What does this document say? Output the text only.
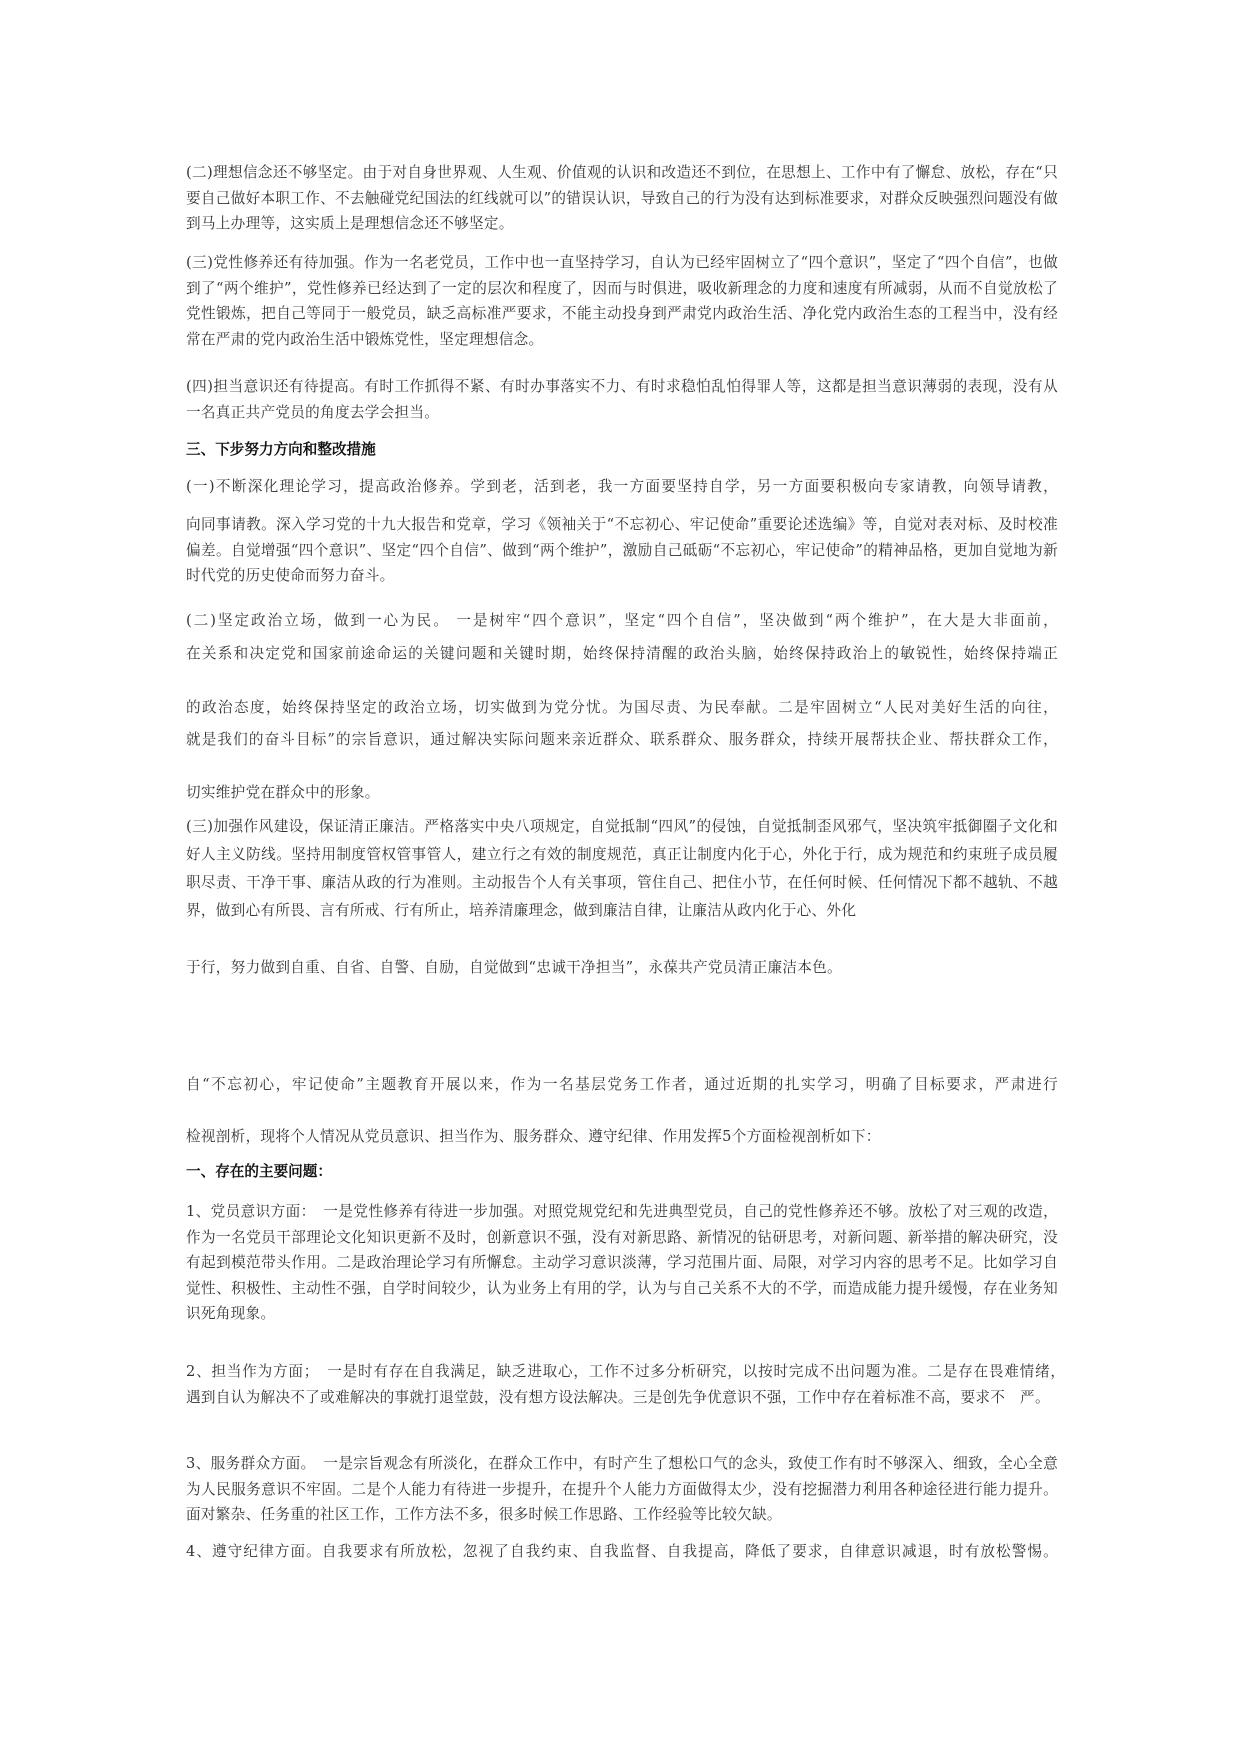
(二)理想信念还不够坚定。由于对自身世界观、人生观、价值观的认识和改造还不到位，在思想上、工作中有了懈怠、放松，存在“只要自己做好本职工作、不去触碰党纪国法的红线就可以”的错误认识，导致自己的行为没有达到标准要求，对群众反映强烈问题没有做到马上办理等，这实质上是理想信念还不够坚定。

(三)党性修养还有待加强。作为一名老党员，工作中也一直坚持学习，自认为已经牢固树立了“四个意识”，坚定了“四个自信”，也做到了“两个维护”，党性修养已经达到了一定的层次和程度了，因而与时俱进，吸收新理念的力度和速度有所减弱，从而不自觉放松了党性锻炼，把自己等同于一般党员，缺乏高标准严要求，不能主动投身到严肃党内政治生活、净化党内政治生态的工程当中，没有经常在严肃的党内政治生活中锻炼党性，坚定理想信念。

(四)担当意识还有待提高。有时工作抓得不紧、有时办事落实不力、有时求稳怕乱怕得罪人等，这都是担当意识薄弱的表现，没有从一名真正共产党员的角度去学会担当。

三、下步努力方向和整改措施

(一)不断深化理论学习，提高政治修养。学到老，活到老，我一方面要坚持自学，另一方面要积极向专家请教，向领导请教，

向同事请教。深入学习党的十九大报告和党章，学习《领袖关于“不忘初心、牢记使命”重要论述选编》等，自觉对表对标、及时校准偏差。自觉增强“四个意识”、坚定“四个自信”、做到“两个维护”，激励自己砥砺“不忘初心，牢记使命”的精神品格，更加自觉地为新时代党的历史使命而努力奋斗。

(二)坚定政治立场，做到一心为民。 一是树牢“四个意识”，坚定“四个自信”，坚决做到“两个维护”，在大是大非面前，

在关系和决定党和国家前途命运的关键问题和关键时期，始终保持清醒的政治头脑，始终保持政治上的敏锐性，始终保持端正

的政治态度，始终保持坚定的政治立场，切实做到为党分忧。为国尽责、为民奉献。二是牢固树立“人民对美好生活的向往，

就是我们的奋斗目标”的宗旨意识，通过解决实际问题来亲近群众、联系群众、服务群众，持续开展帮扶企业、帮扶群众工作，

切实维护党在群众中的形象。

(三)加强作风建设，保证清正廉洁。严格落实中央八项规定，自觉抵制“四风”的侵蚀，自觉抵制歪风邪气，坚决筑牢抵御圈子文化和好人主义防线。坚持用制度管权管事管人，建立行之有效的制度规范，真正让制度内化于心，外化于行，成为规范和约束班子成员履职尽责、干净干事、廉洁从政的行为准则。主动报告个人有关事项，管住自己、把住小节，在任何时候、任何情况下都不越轨、不越界，做到心有所畏、言有所戒、行有所止，培养清廉理念，做到廉洁自律，让廉洁从政内化于心、外化

于行，努力做到自重、自省、自警、自励，自觉做到“忠诚干净担当”，永葆共产党员清正廉洁本色。

自“不忘初心，牢记使命”主题教育开展以来，作为一名基层党务工作者，通过近期的扎实学习，明确了目标要求，严肃进行

检视剖析，现将个人情况从党员意识、担当作为、服务群众、遵守纪律、作用发挥5个方面检视剖析如下：

一、存在的主要问题：

1、党员意识方面：　一是党性修养有待进一步加强。对照党规党纪和先进典型党员，自己的党性修养还不够。放松了对三观的改造，作为一名党员干部理论文化知识更新不及时，创新意识不强，没有对新思路、新情况的钻研思考，对新问题、新举措的解决研究，没有起到模范带头作用。二是政治理论学习有所懈怠。主动学习意识淡薄，学习范围片面、局限，对学习内容的思考不足。比如学习自觉性、积极性、主动性不强，自学时间较少，认为业务上有用的学，认为与自己关系不大的不学，而造成能力提升缓慢，存在业务知识死角现象。

2、担当作为方面；　一是时有存在自我满足，缺乏进取心，工作不过多分析研究，以按时完成不出问题为准。二是存在畏难情绪，　遇到自认为解决不了或难解决的事就打退堂鼓，没有想方设法解决。三是创先争优意识不强，工作中存在着标准不高，要求不　严。

3、服务群众方面。　一是宗旨观念有所淡化，在群众工作中，有时产生了想松口气的念头，致使工作有时不够深入、细致，全心全意为人民服务意识不牢固。二是个人能力有待进一步提升，在提升个人能力方面做得太少，没有挖掘潜力利用各种途径进行能力提升。面对繁杂、任务重的社区工作，工作方法不多，很多时候工作思路、工作经验等比较欠缺。

4、遵守纪律方面。自我要求有所放松，忽视了自我约束、自我监督、自我提高，降低了要求，自律意识减退，时有放松警惕。
